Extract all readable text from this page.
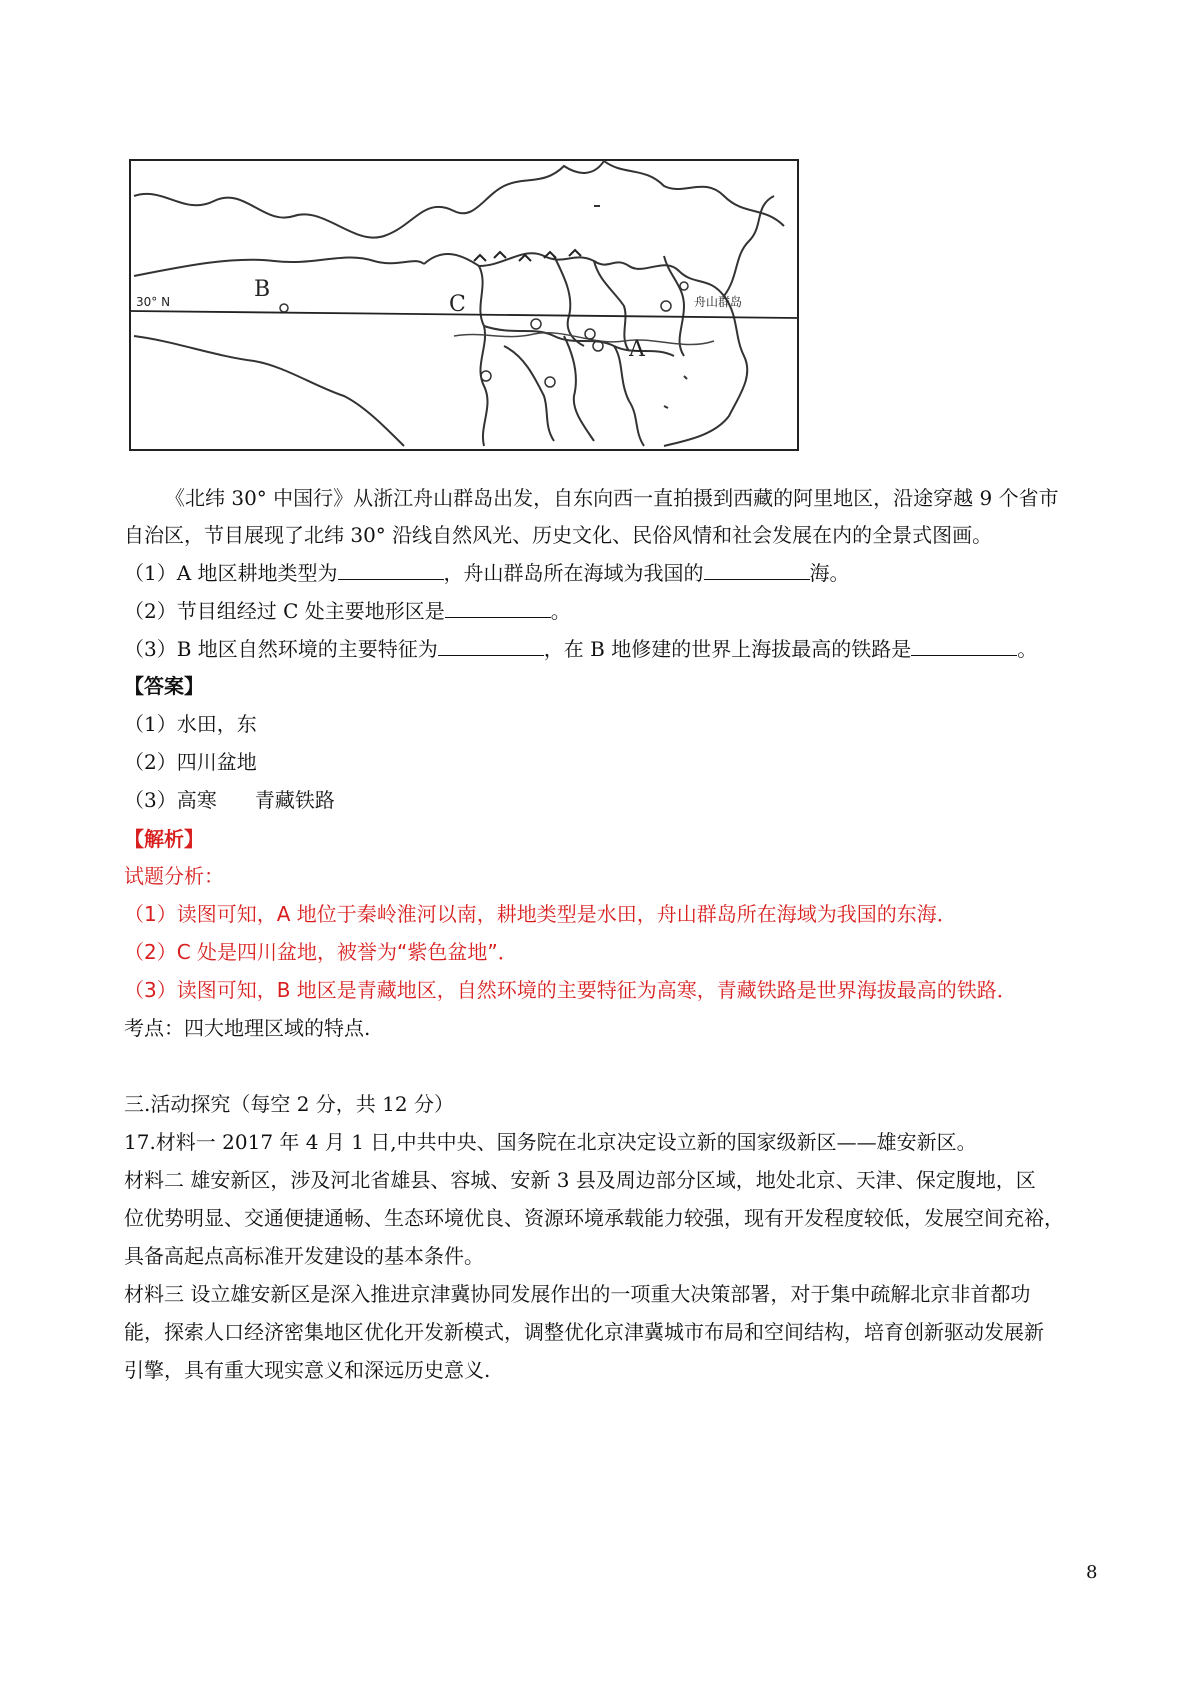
30° N	B
C
A
舟山群岛
《北纬 30° 中国行》从浙江舟山群岛出发，自东向西一直拍摄到西藏的阿里地区，沿途穿越 9 个省市
自治区，节目展现了北纬 30° 沿线自然风光、历史文化、民俗风情和社会发展在内的全景式图画。
（1）A 地区耕地类型为	，舟山群岛所在海域为我国的	海。
（2）节目组经过 C 处主要地形区是	。
（3）B 地区自然环境的主要特征为	，在 B 地修建的世界上海拔最高的铁路是	。
【答案】
（1）水田，东
（2）四川盆地
（3）高寒      青藏铁路
【解析】
试题分析：
（1）读图可知，A 地位于秦岭淮河以南，耕地类型是水田，舟山群岛所在海域为我国的东海．
（2）C 处是四川盆地，被誉为“紫色盆地”．
（3）读图可知，B 地区是青藏地区，自然环境的主要特征为高寒，青藏铁路是世界海拔最高的铁路．
考点：四大地理区域的特点.
三.活动探究（每空 2 分，共 12 分）
17.材料一 2017 年 4 月 1 日,中共中央、国务院在北京决定设立新的国家级新区——雄安新区。
材料二 雄安新区，涉及河北省雄县、容城、安新 3 县及周边部分区域，地处北京、天津、保定腹地，区
位优势明显、交通便捷通畅、生态环境优良、资源环境承载能力较强，现有开发程度较低，发展空间充裕，
具备高起点高标准开发建设的基本条件。
材料三 设立雄安新区是深入推进京津冀协同发展作出的一项重大决策部署，对于集中疏解北京非首都功
能，探索人口经济密集地区优化开发新模式，调整优化京津冀城市布局和空间结构，培育创新驱动发展新
引擎，具有重大现实意义和深远历史意义.
8
